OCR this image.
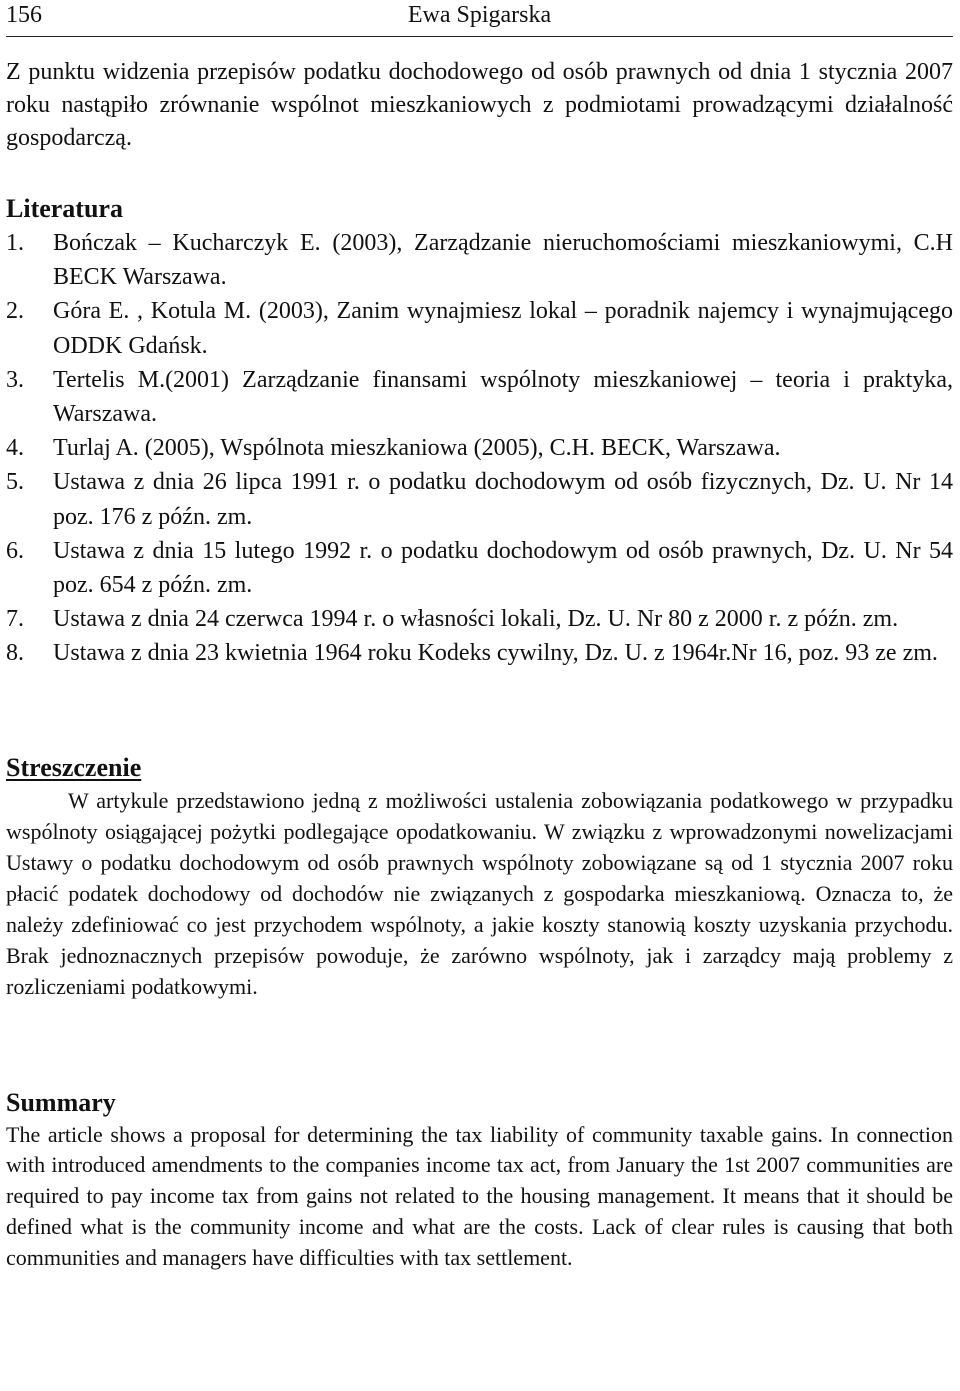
156	Ewa Spigarska

Z punktu widzenia przepisów podatku dochodowego od osób prawnych od dnia 1 stycznia 2007 roku nastąpiło zrównanie wspólnot mieszkaniowych z podmiotami prowadzącymi działalność gospodarczą.

Literatura
1. Bończak – Kucharczyk E. (2003), Zarządzanie nieruchomościami mieszkaniowymi, C.H BECK Warszawa.
2. Góra E. , Kotula M. (2003), Zanim wynajmiesz lokal – poradnik najemcy i wynajmującego ODDK Gdańsk.
3. Tertelis M.(2001) Zarządzanie finansami wspólnoty mieszkaniowej – teoria i praktyka, Warszawa.
4. Turlaj A. (2005), Wspólnota mieszkaniowa (2005), C.H. BECK, Warszawa.
5. Ustawa z dnia 26 lipca 1991 r. o podatku dochodowym od osób fizycznych, Dz. U. Nr 14 poz. 176 z późn. zm.
6. Ustawa z dnia 15 lutego 1992 r. o podatku dochodowym od osób prawnych, Dz. U. Nr 54 poz. 654 z późn. zm.
7. Ustawa z dnia 24 czerwca 1994 r. o własności lokali, Dz. U. Nr 80 z 2000 r. z późn. zm.
8. Ustawa z dnia 23 kwietnia 1964 roku Kodeks cywilny, Dz. U. z 1964r.Nr 16, poz. 93 ze zm.
Streszczenie

W artykule przedstawiono jedną z możliwości ustalenia zobowiązania podatkowego w przypadku wspólnoty osiągającej pożytki podlegające opodatkowaniu. W związku z wprowadzonymi nowelizacjami Ustawy o podatku dochodowym od osób prawnych wspólnoty zobowiązane są od 1 stycznia 2007 roku płacić podatek dochodowy od dochodów nie związanych z gospodarka mieszkaniową. Oznacza to, że należy zdefiniować co jest przychodem wspólnoty, a jakie koszty stanowią koszty uzyskania przychodu. Brak jednoznacznych przepisów powoduje, że zarówno wspólnoty, jak i zarządcy mają problemy z rozliczeniami podatkowymi.

Summary

The article shows a proposal for determining the tax liability of community taxable gains. In connection with introduced amendments to the companies income tax act, from January the 1st 2007 communities are required to pay income tax from gains not related to the housing management. It means that it should be defined what is the community income and what are the costs. Lack of clear rules is causing that both communities and managers have difficulties with tax settlement.
